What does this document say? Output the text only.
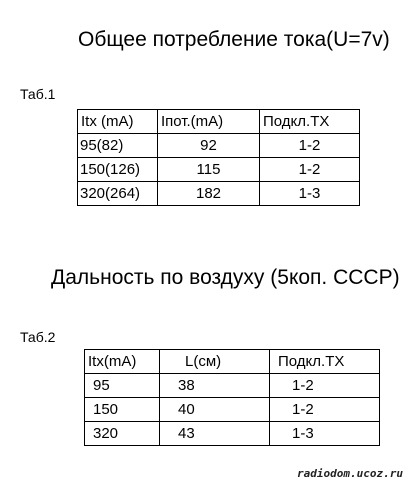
Общее потребление тока(U=7v)
Таб.1
Itx (mA)	Iпот.(mA)	Подкл.ТХ
95(82)	92	1-2
150(126)	115	1-2
320(264)	182	1-3
Дальность по воздуху (5коп. СССР)
Таб.2
Itx(mA)	L(см)	Подкл.ТХ
95	38	1-2
150	40	1-2
320	43	1-3
radiodom.ucoz.ru
